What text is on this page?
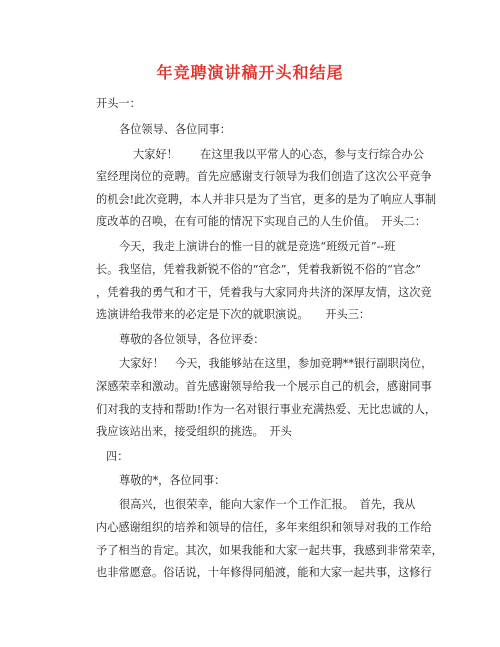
年竞聘演讲稿开头和结尾
开头一：
各位领导、各位同事：
大家好！　　在这里我以平常人的心态，参与支行综合办公
室经理岗位的竞聘。首先应感谢支行领导为我们创造了这次公平竞争
的机会!此次竞聘，本人并非只是为了当官，更多的是为了响应人事制
度改革的召唤，在有可能的情况下实现自己的人生价值。　开头二：
今天，我走上演讲台的惟一目的就是竞选“班级元首”--班
长。我坚信，凭着我新锐不俗的“官念”，凭着我新锐不俗的“官念”
，凭着我的勇气和才干，凭着我与大家同舟共济的深厚友情，这次竞
选演讲给我带来的必定是下次的就职演说。　　开头三：
尊敬的各位领导，各位评委：
大家好！　今天，我能够站在这里，参加竞聘**银行副职岗位，
深感荣幸和激动。首先感谢领导给我一个展示自己的机会，感谢同事
们对我的支持和帮助!作为一名对银行事业充满热爱、无比忠诚的人，
我应该站出来，接受组织的挑选。　开头
四：
尊敬的*，各位同事：
很高兴，也很荣幸，能向大家作一个工作汇报。　首先，我从
内心感谢组织的培养和领导的信任，多年来组织和领导对我的工作给
予了相当的肯定。其次，如果我能和大家一起共事，我感到非常荣幸，
也非常愿意。俗话说，十年修得同船渡，能和大家一起共事，这修行
